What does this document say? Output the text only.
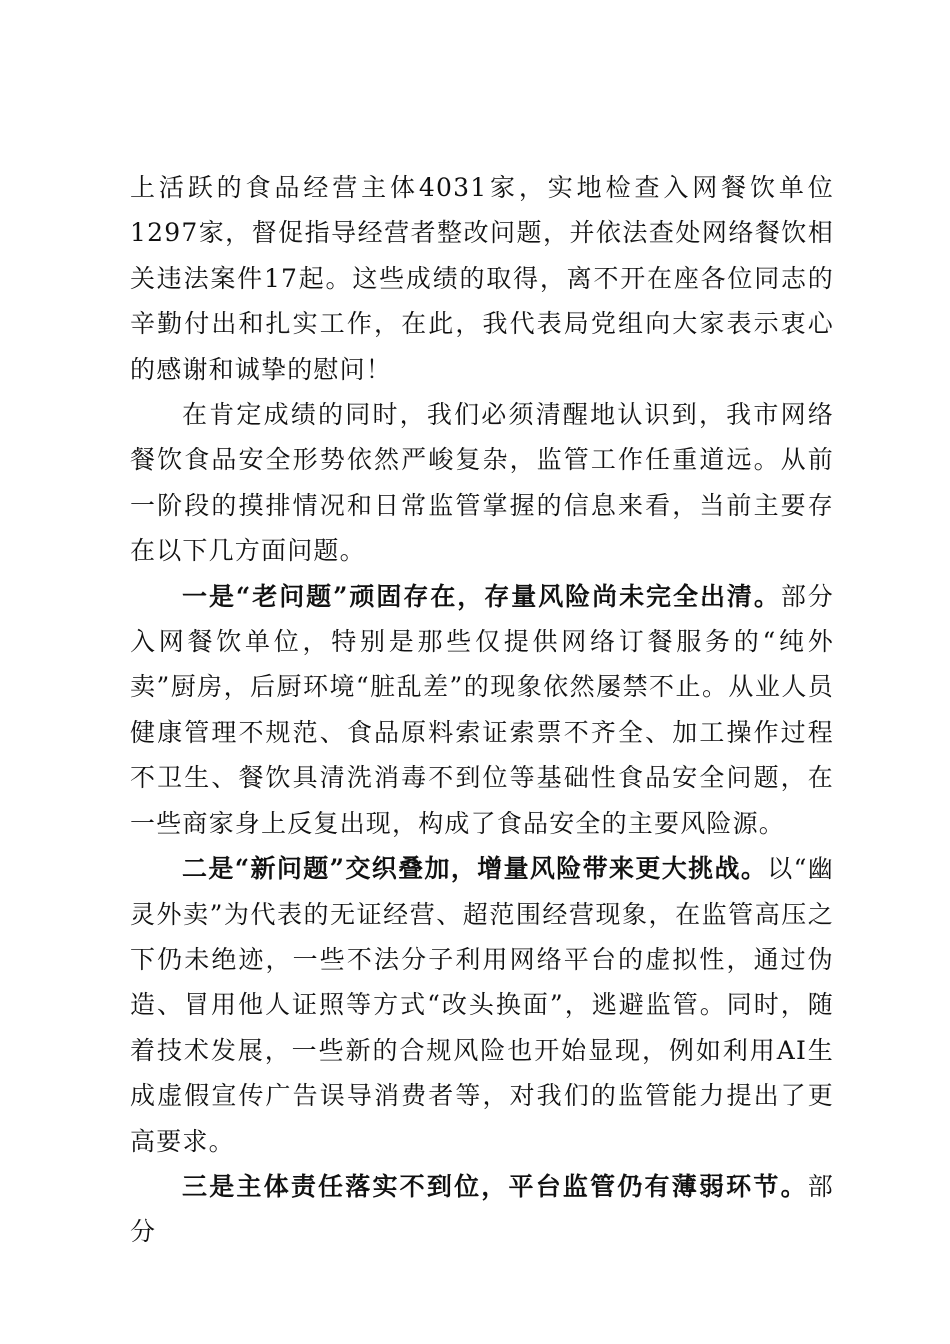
上活跃的食品经营主体4031家，实地检查入网餐饮单位1297家，督促指导经营者整改问题，并依法查处网络餐饮相关违法案件17起。这些成绩的取得，离不开在座各位同志的辛勤付出和扎实工作，在此，我代表局党组向大家表示衷心的感谢和诚挚的慰问！

在肯定成绩的同时，我们必须清醒地认识到，我市网络餐饮食品安全形势依然严峻复杂，监管工作任重道远。从前一阶段的摸排情况和日常监管掌握的信息来看，当前主要存在以下几方面问题。

一是“老问题”顽固存在，存量风险尚未完全出清。部分入网餐饮单位，特别是那些仅提供网络订餐服务的“纯外卖”厨房，后厨环境“脏乱差”的现象依然屡禁不止。从业人员健康管理不规范、食品原料索证索票不齐全、加工操作过程不卫生、餐饮具清洗消毒不到位等基础性食品安全问题，在一些商家身上反复出现，构成了食品安全的主要风险源。

二是“新问题”交织叠加，增量风险带来更大挑战。以“幽灵外卖”为代表的无证经营、超范围经营现象，在监管高压之下仍未绝迹，一些不法分子利用网络平台的虚拟性，通过伪造、冒用他人证照等方式“改头换面”，逃避监管。同时，随着技术发展，一些新的合规风险也开始显现，例如利用AI生成虚假宣传广告误导消费者等，对我们的监管能力提出了更高要求。

三是主体责任落实不到位，平台监管仍有薄弱环节。部分
